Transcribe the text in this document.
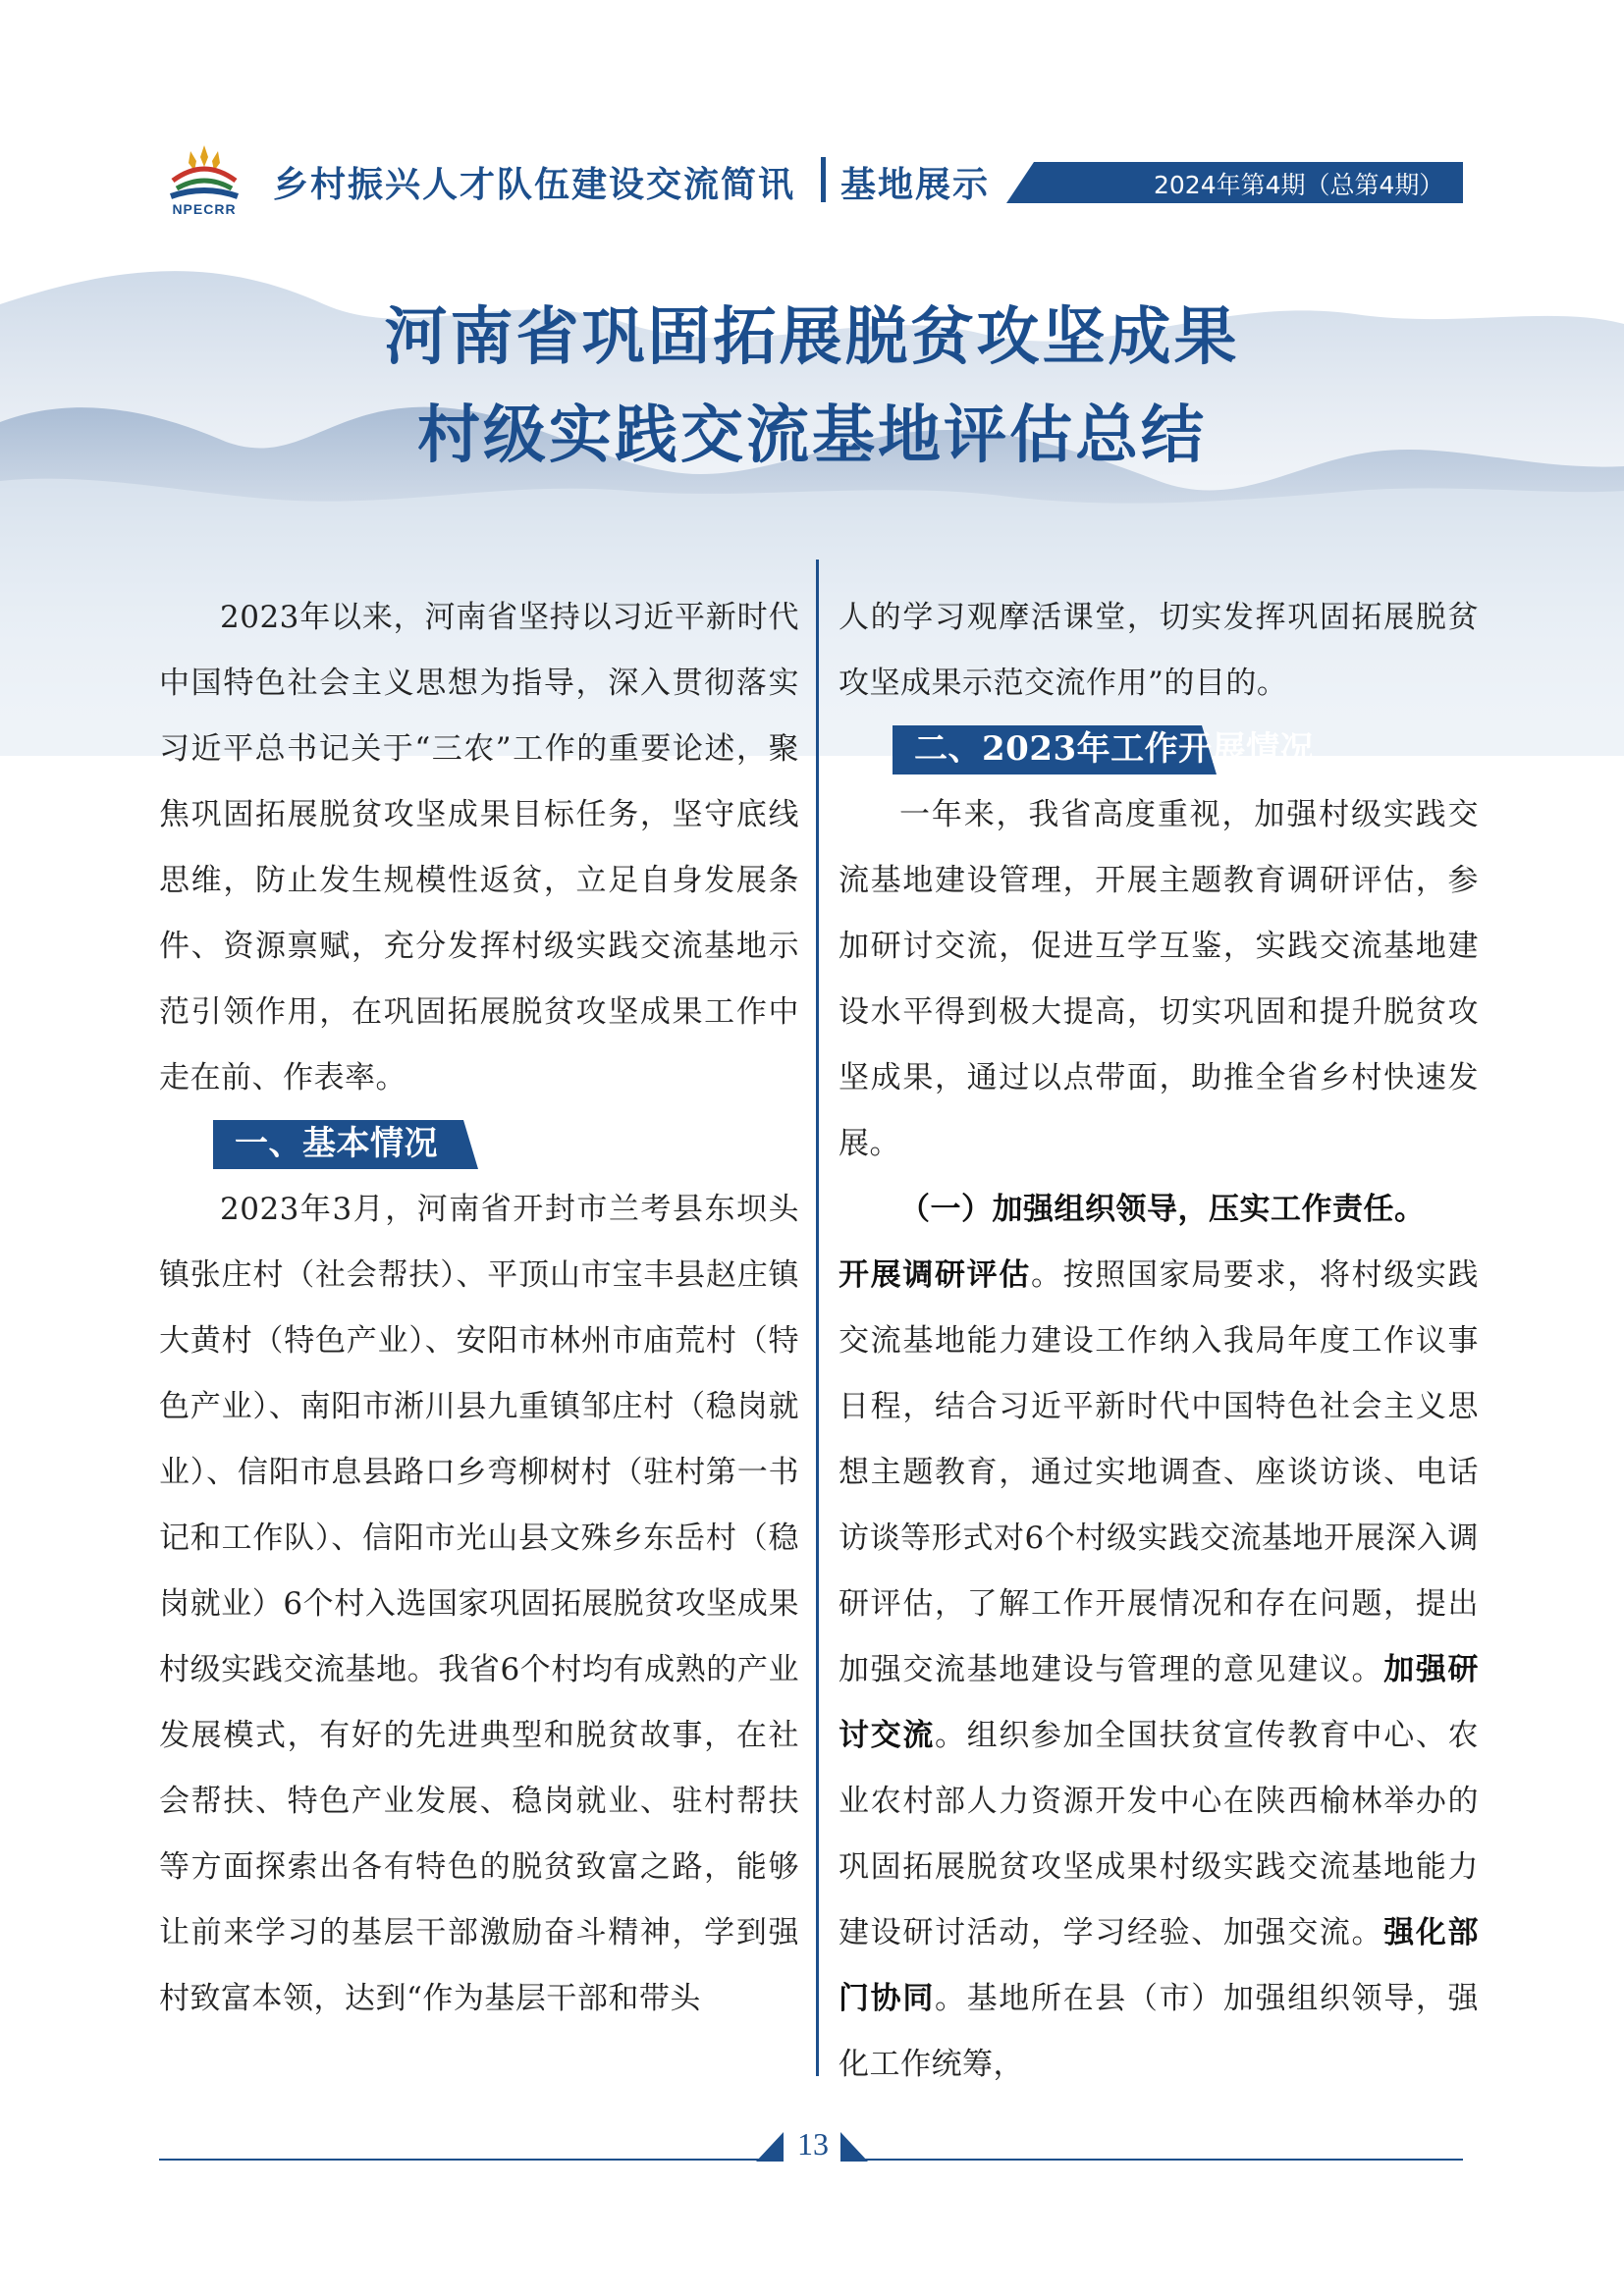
NPECRR
乡村振兴人才队伍建设交流简讯 基地展示	2024年第4期（总第4期）
河南省巩固拓展脱贫攻坚成果
村级实践交流基地评估总结

2023年以来，河南省坚持以习近平新时代中国特色社会主义思想为指导，深入贯彻落实习近平总书记关于“三农”工作的重要论述，聚焦巩固拓展脱贫攻坚成果目标任务，坚守底线思维，防止发生规模性返贫，立足自身发展条件、资源禀赋，充分发挥村级实践交流基地示范引领作用，在巩固拓展脱贫攻坚成果工作中走在前、作表率。

一、基本情况

2023年3月，河南省开封市兰考县东坝头镇张庄村（社会帮扶）、平顶山市宝丰县赵庄镇大黄村（特色产业）、安阳市林州市庙荒村（特色产业）、南阳市淅川县九重镇邹庄村（稳岗就业）、信阳市息县路口乡弯柳树村（驻村第一书记和工作队）、信阳市光山县文殊乡东岳村（稳岗就业）6个村入选国家巩固拓展脱贫攻坚成果村级实践交流基地。我省6个村均有成熟的产业发展模式，有好的先进典型和脱贫故事，在社会帮扶、特色产业发展、稳岗就业、驻村帮扶等方面探索出各有特色的脱贫致富之路，能够让前来学习的基层干部激励奋斗精神，学到强村致富本领，达到“作为基层干部和带头

人的学习观摩活课堂，切实发挥巩固拓展脱贫攻坚成果示范交流作用”的目的。

二、2023年工作开展情况

一年来，我省高度重视，加强村级实践交流基地建设管理，开展主题教育调研评估，参加研讨交流，促进互学互鉴，实践交流基地建设水平得到极大提高，切实巩固和提升脱贫攻坚成果，通过以点带面，助推全省乡村快速发展。

（一）加强组织领导，压实工作责任。

开展调研评估。按照国家局要求，将村级实践交流基地能力建设工作纳入我局年度工作议事日程，结合习近平新时代中国特色社会主义思想主题教育，通过实地调查、座谈访谈、电话访谈等形式对6个村级实践交流基地开展深入调研评估，了解工作开展情况和存在问题，提出加强交流基地建设与管理的意见建议。加强研讨交流。组织参加全国扶贫宣传教育中心、农业农村部人力资源开发中心在陕西榆林举办的巩固拓展脱贫攻坚成果村级实践交流基地能力建设研讨活动，学习经验、加强交流。强化部门协同。基地所在县（市）加强组织领导，强化工作统筹，

13
